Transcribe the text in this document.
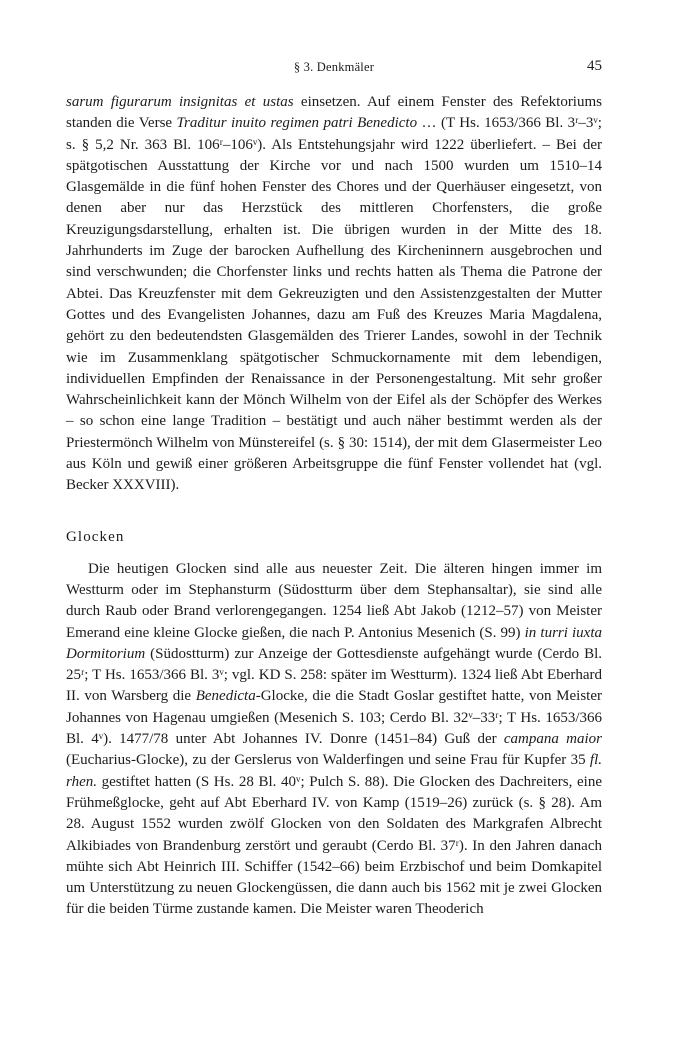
§ 3. Denkmäler	45

sarum figurarum insignitas et ustas einsetzen. Auf einem Fenster des Refektoriums standen die Verse Traditur inuito regimen patri Benedicto … (T Hs. 1653/366 Bl. 3ʳ–3ᵛ; s. § 5,2 Nr. 363 Bl. 106ʳ–106ᵛ). Als Entstehungsjahr wird 1222 überliefert. – Bei der spätgotischen Ausstattung der Kirche vor und nach 1500 wurden um 1510–14 Glasgemälde in die fünf hohen Fenster des Chores und der Querhäuser eingesetzt, von denen aber nur das Herzstück des mittleren Chorfensters, die große Kreuzigungsdarstellung, erhalten ist. Die übrigen wurden in der Mitte des 18. Jahrhunderts im Zuge der barocken Aufhellung des Kircheninnern ausgebrochen und sind verschwunden; die Chorfenster links und rechts hatten als Thema die Patrone der Abtei. Das Kreuzfenster mit dem Gekreuzigten und den Assistenzgestalten der Mutter Gottes und des Evangelisten Johannes, dazu am Fuß des Kreuzes Maria Magdalena, gehört zu den bedeutendsten Glasgemälden des Trierer Landes, sowohl in der Technik wie im Zusammenklang spätgotischer Schmuckornamente mit dem lebendigen, individuellen Empfinden der Renaissance in der Personengestaltung. Mit sehr großer Wahrscheinlichkeit kann der Mönch Wilhelm von der Eifel als der Schöpfer des Werkes – so schon eine lange Tradition – bestätigt und auch näher bestimmt werden als der Priestermönch Wilhelm von Münstereifel (s. § 30: 1514), der mit dem Glasermeister Leo aus Köln und gewiß einer größeren Arbeitsgruppe die fünf Fenster vollendet hat (vgl. Becker XXXVIII).

Glocken

Die heutigen Glocken sind alle aus neuester Zeit. Die älteren hingen immer im Westturm oder im Stephansturm (Südostturm über dem Stephansaltar), sie sind alle durch Raub oder Brand verlorengegangen. 1254 ließ Abt Jakob (1212–57) von Meister Emerand eine kleine Glocke gießen, die nach P. Antonius Mesenich (S. 99) in turri iuxta Dormitorium (Südostturm) zur Anzeige der Gottesdienste aufgehängt wurde (Cerdo Bl. 25ʳ; T Hs. 1653/366 Bl. 3ᵛ; vgl. KD S. 258: später im Westturm). 1324 ließ Abt Eberhard II. von Warsberg die Benedicta-Glocke, die die Stadt Goslar gestiftet hatte, von Meister Johannes von Hagenau umgießen (Mesenich S. 103; Cerdo Bl. 32ᵛ–33ʳ; T Hs. 1653/366 Bl. 4ᵛ). 1477/78 unter Abt Johannes IV. Donre (1451–84) Guß der campana maior (Eucharius-Glocke), zu der Gerslerus von Walderfingen und seine Frau für Kupfer 35 fl. rhen. gestiftet hatten (S Hs. 28 Bl. 40ᵛ; Pulch S. 88). Die Glocken des Dachreiters, eine Frühmeßglocke, geht auf Abt Eberhard IV. von Kamp (1519–26) zurück (s. § 28). Am 28. August 1552 wurden zwölf Glocken von den Soldaten des Markgrafen Albrecht Alkibiades von Brandenburg zerstört und geraubt (Cerdo Bl. 37ʳ). In den Jahren danach mühte sich Abt Heinrich III. Schiffer (1542–66) beim Erzbischof und beim Domkapitel um Unterstützung zu neuen Glockengüssen, die dann auch bis 1562 mit je zwei Glocken für die beiden Türme zustande kamen. Die Meister waren Theoderich
